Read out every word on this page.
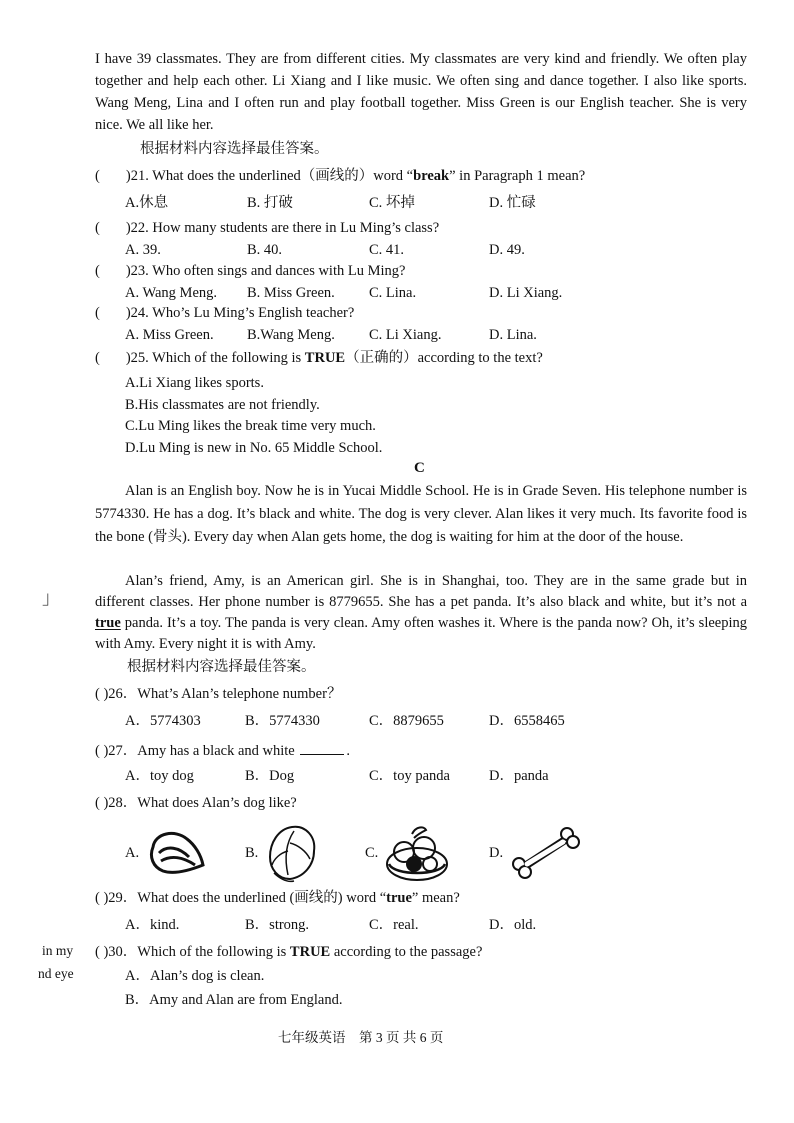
I have 39 classmates. They are from different cities. My classmates are very kind and friendly. We often play together and help each other. Li Xiang and I like music. We often sing and dance together. I also like sports. Wang Meng, Lina and I often run and play football together. Miss Green is our English teacher. She is very nice. We all like her.
根据材料内容选择最佳答案。
( )21. What does the underlined（画线的）word “break” in Paragraph 1 mean?
A.休息	B. 打破	C. 坏掉	D. 忙碌
( )22. How many students are there in Lu Ming’s class?
A. 39.	B. 40.	C. 41.	D. 49.
( )23. Who often sings and dances with Lu Ming?
A. Wang Meng.	B. Miss Green.	C. Lina.	D. Li Xiang.
( )24. Who’s Lu Ming’s English teacher?
A. Miss Green.	B.Wang Meng.	C. Li Xiang.	D. Lina.
( )25. Which of the following is TRUE（正确的）according to the text?
A.Li Xiang likes sports.
B.His classmates are not friendly.
C.Lu Ming likes the break time very much.
D.Lu Ming is new in No. 65 Middle School.
C
Alan is an English boy. Now he is in Yucai Middle School. He is in Grade Seven. His telephone number is 5774330. He has a dog. It’s black and white. The dog is very clever. Alan likes it very much. Its favorite food is the bone (骨头). Every day when Alan gets home, the dog is waiting for him at the door of the house.
Alan’s friend, Amy, is an American girl. She is in Shanghai, too. They are in the same grade but in different classes. Her phone number is 8779655. She has a pet panda. It’s also black and white, but it’s not a true panda. It’s a toy. The panda is very clean. Amy often washes it. Where is the panda now? Oh, it’s sleeping with Amy. Every night it is with Amy.
根据材料内容选择最佳答案。
( )26．What’s Alan’s telephone number？
A．5774303	B．5774330	C．8879655	D．6558465
( )27．Amy has a black and white	.
A．toy dog	B．Dog	C．toy panda	D．panda
( )28．What does Alan’s dog like?
A.	B.	C.	D.
( )29．What does the underlined (画线的) word “true” mean?
A．kind.	B．strong.	C．real.	D．old.
( )30．Which of the following is TRUE according to the passage?
A．Alan’s dog is clean.
B．Amy and Alan are from England.
」
in my
nd eye
七年级英语　第 3 页 共 6 页
